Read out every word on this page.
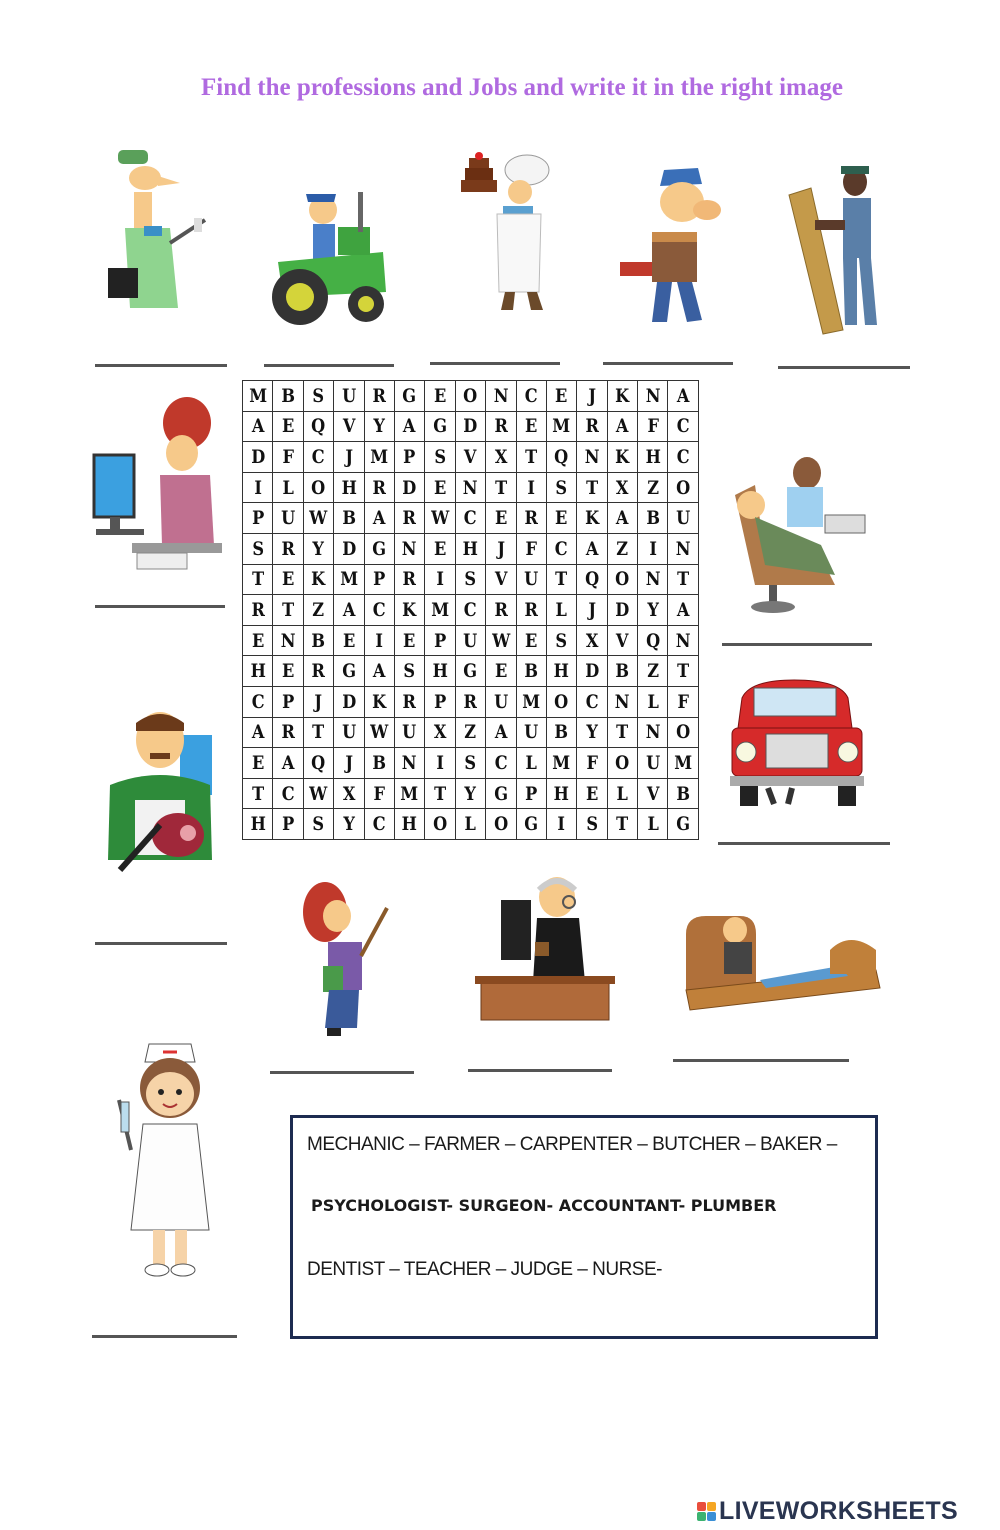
Find the professions and Jobs and write it in the right image
M	B	S	U	R	G	E	O	N	C	E	J	K	N	A
A	E	Q	V	Y	A	G	D	R	E	M	R	A	F	C
D	F	C	J	M	P	S	V	X	T	Q	N	K	H	C
I	L	O	H	R	D	E	N	T	I	S	T	X	Z	O
P	U	W	B	A	R	W	C	E	R	E	K	A	B	U
S	R	Y	D	G	N	E	H	J	F	C	A	Z	I	N
T	E	K	M	P	R	I	S	V	U	T	Q	O	N	T
R	T	Z	A	C	K	M	C	R	R	L	J	D	Y	A
E	N	B	E	I	E	P	U	W	E	S	X	V	Q	N
H	E	R	G	A	S	H	G	E	B	H	D	B	Z	T
C	P	J	D	K	R	P	R	U	M	O	C	N	L	F
A	R	T	U	W	U	X	Z	A	U	B	Y	T	N	O
E	A	Q	J	B	N	I	S	C	L	M	F	O	U	M
T	C	W	X	F	M	T	Y	G	P	H	E	L	V	B
H	P	S	Y	C	H	O	L	O	G	I	S	T	L	G
MECHANIC – FARMER – CARPENTER – BUTCHER – BAKER –
PSYCHOLOGIST- SURGEON- ACCOUNTANT- PLUMBER
DENTIST – TEACHER – JUDGE – NURSE-
LIVEWORKSHEETS
